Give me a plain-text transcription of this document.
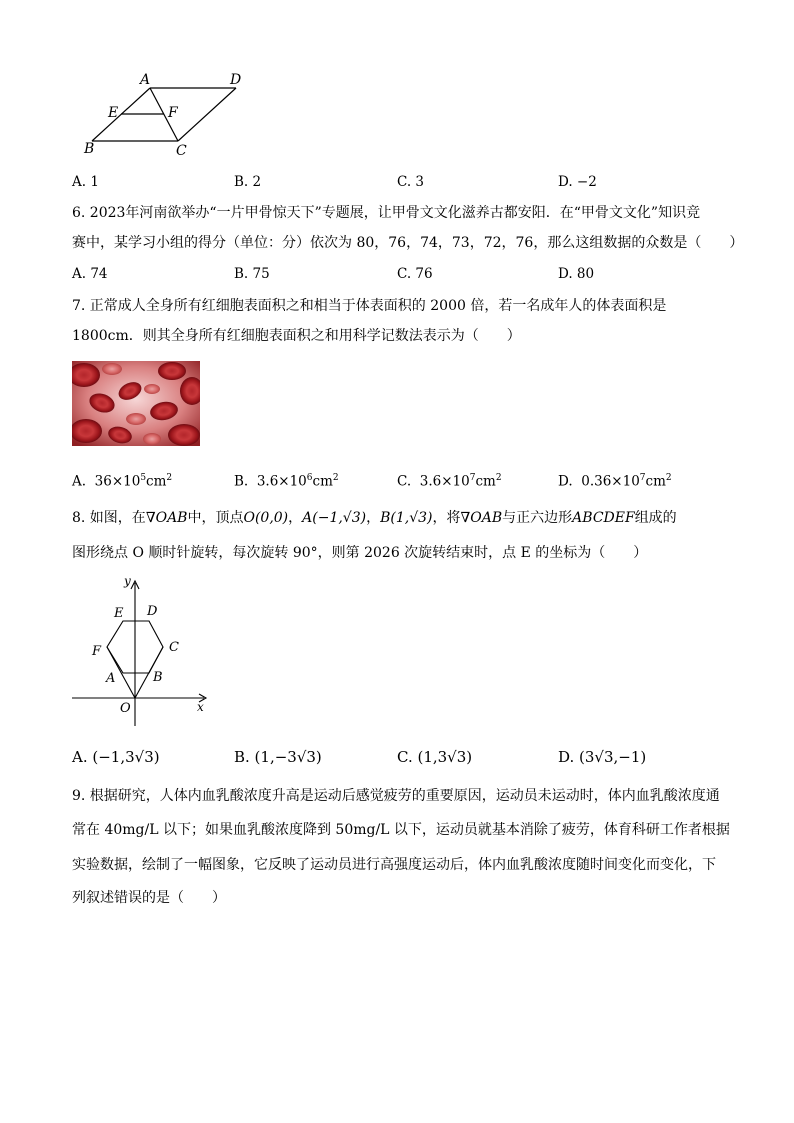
A	D
E	F
B	C
A. 1	B. 2	C. 3	D. −2
6. 2023年河南欲举办“一片甲骨惊天下”专题展，让甲骨文文化滋养古都安阳．在“甲骨文文化”知识竞
赛中，某学习小组的得分（单位：分）依次为 80，76，74，73，72，76，那么这组数据的众数是（　　）
A. 74	B. 75	C. 76	D. 80
7. 正常成人全身所有红细胞表面积之和相当于体表面积的 2000 倍，若一名成年人的体表面积是
1800cm．则其全身所有红细胞表面积之和用科学记数法表示为（　　）
A. $36\times 10^5cm^2$	B. $3.6\times 10^6cm^2$	C. $3.6\times 10^7cm^2$	D. $0.36\times 10^7cm^2$
8. 如图，在∇OAB中，顶点O(0,0)，A(−1,√3)，B(1,√3)，将∇OAB与正六边形ABCDEF组成的
图形绕点 O 顺时针旋转，每次旋转 90°，则第 2026 次旋转结束时，点 E 的坐标为（　　）
y
x
O
E D
C
F
A	B
A. (−1,3√3)	B. (1,−3√3)	C. (1,3√3)	D. (3√3,−1)
9. 根据研究，人体内血乳酸浓度升高是运动后感觉疲劳的重要原因，运动员未运动时，体内血乳酸浓度通
常在 40mg/L 以下；如果血乳酸浓度降到 50mg/L 以下，运动员就基本消除了疲劳，体育科研工作者根据
实验数据，绘制了一幅图象，它反映了运动员进行高强度运动后，体内血乳酸浓度随时间变化而变化，下
列叙述错误的是（　　）
